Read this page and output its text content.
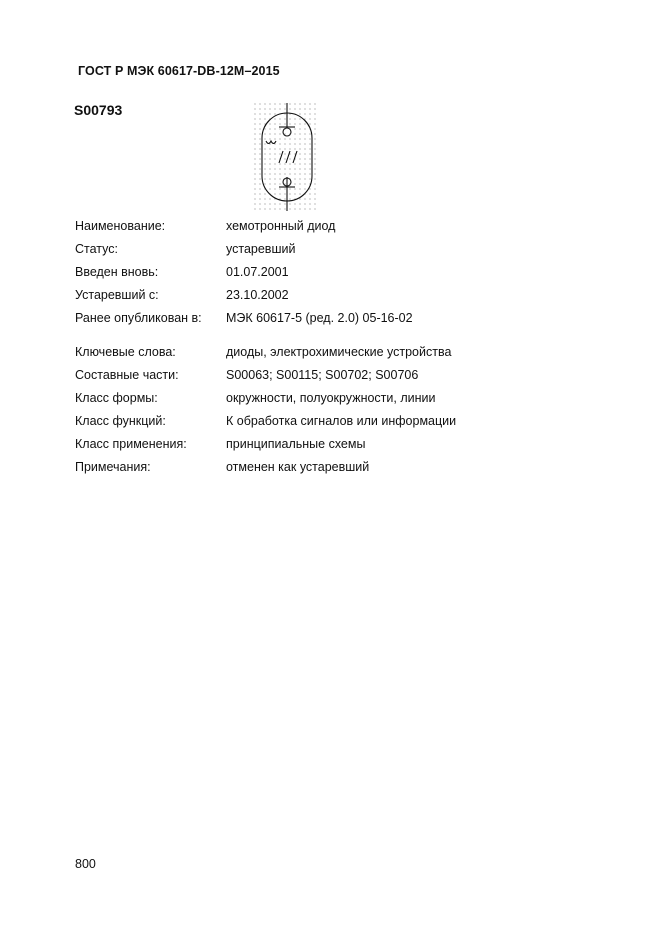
ГОСТ Р МЭК 60617-DB-12M–2015
S00793
Наименование:	хемотронный диод
Статус:	устаревший
Введен вновь:	01.07.2001
Устаревший с:	23.10.2002
Ранее опубликован в: МЭК 60617-5 (ред. 2.0) 05-16-02
Ключевые слова:	диоды, электрохимические устройства
Составные части:	S00063; S00115; S00702; S00706
Класс формы:	окружности, полуокружности, линии
Класс функций:	К обработка сигналов или информации
Класс применения:	принципиальные схемы
Примечания:	отменен как устаревший
800
